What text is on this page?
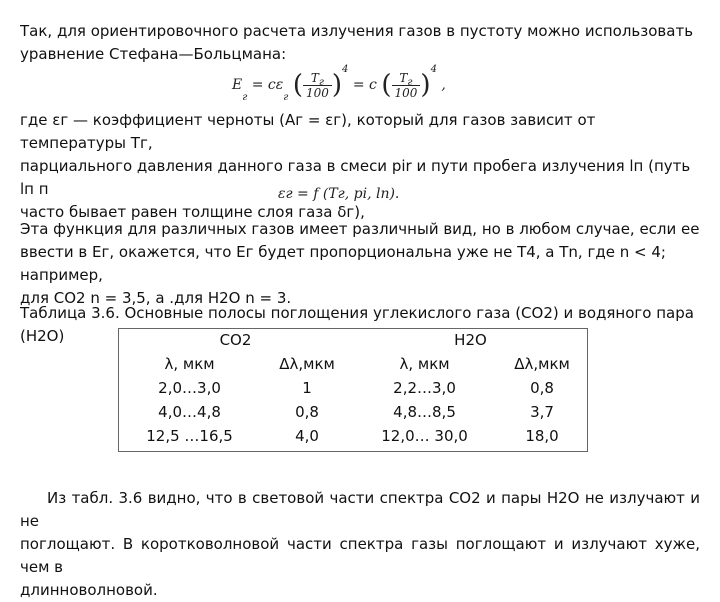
Так, для ориентировочного расчета излучения газов в пустоту можно использовать
уравнение Стефана—Больцмана:
$E_г = c\varepsilon_г$ ( $\frac{T_г}{100} )^4 = c$ ( $\frac{T_г}{100} )^4$ ,
где εг — коэффициент черноты (Aг = εг), который для газов зависит от температуры Tг,
парциального давления данного газа в смеси pir и пути пробега излучения lп (путь lп п
часто бывает равен толщине слоя газа δг),
εг = f (Tг, pi, lп).
Эта функция для различных газов имеет различный вид, но в любом случае, если ее
ввести в Eг, окажется, что Eг будет пропорциональна уже не T4, а Tn, где n < 4; например,
для CO2 n = 3,5, а .для H2O n = 3.
Таблица 3.6. Основные полосы поглощения углекислого газа (CO2) и водяного пара
(H2O)	CO2		H2O	
λ, мкм	Δλ,мкм	λ, мкм	Δλ,мкм
2,0…3,0	1	2,2…3,0	0,8
4,0…4,8	0,8	4,8…8,5	3,7
12,5 …16,5	4,0	12,0… 30,0	18,0
Из табл. 3.6 видно, что в световой части спектра CO2 и пары H2O не излучают и не
поглощают. В коротковолновой части спектра газы поглощают и излучают хуже, чем в
длинноволновой.
